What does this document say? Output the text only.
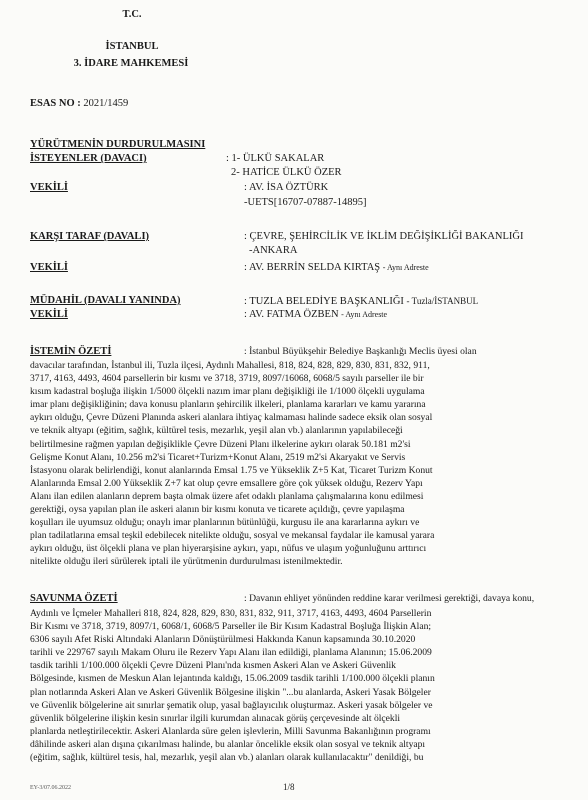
T.C.
İSTANBUL
3. İDARE MAHKEMESİ
ESAS NO : 2021/1459
YÜRÜTMENİN DURDURULMASINI
İSTEYENLER (DAVACI)	: 1- ÜLKÜ SAKALAR
2- HATİCE ÜLKÜ ÖZER
VEKİLİ	: AV. İSA ÖZTÜRK
-UETS[16707-07887-14895]
KARŞI TARAF (DAVALI)	: ÇEVRE, ŞEHİRCİLİK VE İKLİM DEĞİŞİKLİĞİ BAKANLIĞI
-ANKARA
VEKİLİ	: AV. BERRİN SELDA KIRTAŞ - Aynı Adreste
MÜDAHİL (DAVALI YANINDA)	: TUZLA BELEDİYE BAŞKANLIĞI - Tuzla/İSTANBUL
VEKİLİ	: AV. FATMA ÖZBEN - Aynı Adreste
İSTEMİN ÖZETİ	: İstanbul Büyükşehir Belediye Başkanlığı Meclis üyesi olan
davacılar tarafından, İstanbul ili, Tuzla ilçesi, Aydınlı Mahallesi, 818, 824, 828, 829, 830, 831, 832, 911,
3717, 4163, 4493, 4604 parsellerin bir kısmı ve 3718, 3719, 8097/16068, 6068/5 sayılı parseller ile bir
kısım kadastral boşluğa ilişkin 1/5000 ölçekli nazım imar planı değişikliği ile 1/1000 ölçekli uygulama
imar planı değişikliğinin; dava konusu planların şehircilik ilkeleri, planlama kararları ve kamu yararına
aykırı olduğu, Çevre Düzeni Planında askeri alanlara ihtiyaç kalmaması halinde sadece eksik olan sosyal
ve teknik altyapı (eğitim, sağlık, kültürel tesis, mezarlık, yeşil alan vb.) alanlarının yapılabileceği
belirtilmesine rağmen yapılan değişiklikle Çevre Düzeni Planı ilkelerine aykırı olarak 50.181 m2'si
Gelişme Konut Alanı, 10.256 m2'si Ticaret+Turizm+Konut Alanı, 2519 m2'si Akaryakıt ve Servis
İstasyonu olarak belirlendiği, konut alanlarında Emsal 1.75 ve Yükseklik Z+5 Kat, Ticaret Turizm Konut
Alanlarında Emsal 2.00 Yükseklik Z+7 kat olup çevre emsallere göre çok yüksek olduğu, Rezerv Yapı
Alanı ilan edilen alanların deprem başta olmak üzere afet odaklı planlama çalışmalarına konu edilmesi
gerektiği, oysa yapılan plan ile askeri alanın bir kısmı konuta ve ticarete açıldığı, çevre yapılaşma
koşulları ile uyumsuz olduğu; onaylı imar planlarının bütünlüğü, kurgusu ile ana kararlarına aykırı ve
plan tadilatlarına emsal teşkil edebilecek nitelikte olduğu, sosyal ve mekansal faydalar ile kamusal yarara
aykırı olduğu, üst ölçekli plana ve plan hiyerarşisine aykırı, yapı, nüfus ve ulaşım yoğunluğunu arttırıcı
nitelikte olduğu ileri sürülerek iptali ile yürütmenin durdurulması istenilmektedir.
SAVUNMA ÖZETİ	: Davanın ehliyet yönünden reddine karar verilmesi gerektiği, davaya konu,
Aydınlı ve İçmeler Mahalleri 818, 824, 828, 829, 830, 831, 832, 911, 3717, 4163, 4493, 4604 Parsellerin
Bir Kısmı ve 3718, 3719, 8097/1, 6068/1, 6068/5 Parseller ile Bir Kısım Kadastral Boşluğa İlişkin Alan;
6306 sayılı Afet Riski Altındaki Alanların Dönüştürülmesi Hakkında Kanun kapsamında 30.10.2020
tarihli ve 229767 sayılı Makam Oluru ile Rezerv Yapı Alanı ilan edildiği, planlama Alanının; 15.06.2009
tasdik tarihli 1/100.000 ölçekli Çevre Düzeni Planı'nda kısmen Askeri Alan ve Askeri Güvenlik
Bölgesinde, kısmen de Meskun Alan lejantında kaldığı, 15.06.2009 tasdik tarihli 1/100.000 ölçekli planın
plan notlarında Askeri Alan ve Askeri Güvenlik Bölgesine ilişkin "...bu alanlarda, Askeri Yasak Bölgeler
ve Güvenlik bölgelerine ait sınırlar şematik olup, yasal bağlayıcılık oluşturmaz. Askeri yasak bölgeler ve
güvenlik bölgelerine ilişkin kesin sınırlar ilgili kurumdan alınacak görüş çerçevesinde alt ölçekli
planlarda netleştirilecektir. Askeri Alanlarda süre gelen işlevlerin, Milli Savunma Bakanlığının programı
dâhilinde askeri alan dışına çıkarılması halinde, bu alanlar öncelikle eksik olan sosyal ve teknik altyapı
(eğitim, sağlık, kültürel tesis, hal, mezarlık, yeşil alan vb.) alanları olarak kullanılacaktır" denildiği, bu
EY-3/07.06.2022	1/8
